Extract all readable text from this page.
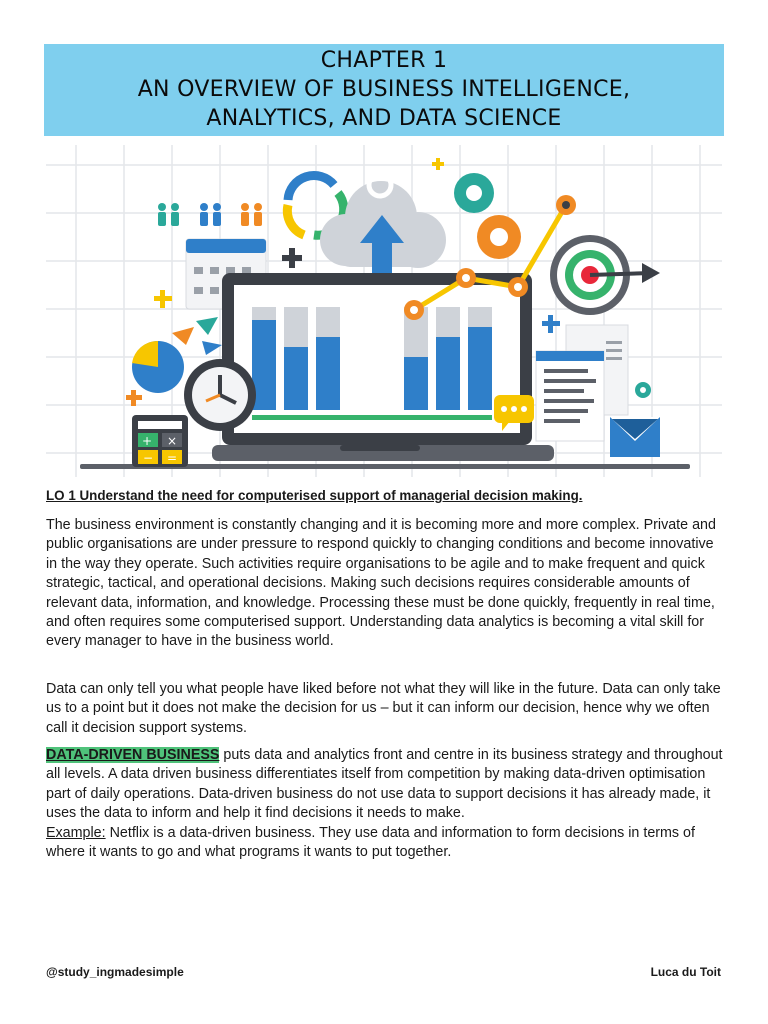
CHAPTER 1
AN OVERVIEW OF BUSINESS INTELLIGENCE,
ANALYTICS, AND DATA SCIENCE
+ ×
− =
LO 1 Understand the need for computerised support of managerial decision making.

The business environment is constantly changing and it is becoming more and more complex. Private and public organisations are under pressure to respond quickly to changing conditions and become innovative in the way they operate. Such activities require organisations to be agile and to make frequent and quick strategic, tactical, and operational decisions. Making such decisions requires considerable amounts of relevant data, information, and knowledge. Processing these must be done quickly, frequently in real time, and often requires some computerised support. Understanding data analytics is becoming a vital skill for every manager to have in the business world.

Data can only tell you what people have liked before not what they will like in the future. Data can only take us to a point but it does not make the decision for us – but it can inform our decision, hence why we often call it decision support systems.

DATA-DRIVEN BUSINESS puts data and analytics front and centre in its business strategy and throughout all levels. A data driven business differentiates itself from competition by making data-driven optimisation part of daily operations. Data-driven business do not use data to support decisions it has already made, it uses the data to inform and help it find decisions it needs to make.
Example: Netflix is a data-driven business. They use data and information to form decisions in terms of where it wants to go and what programs it wants to put together.

@study_ingmadesimple	Luca du Toit
